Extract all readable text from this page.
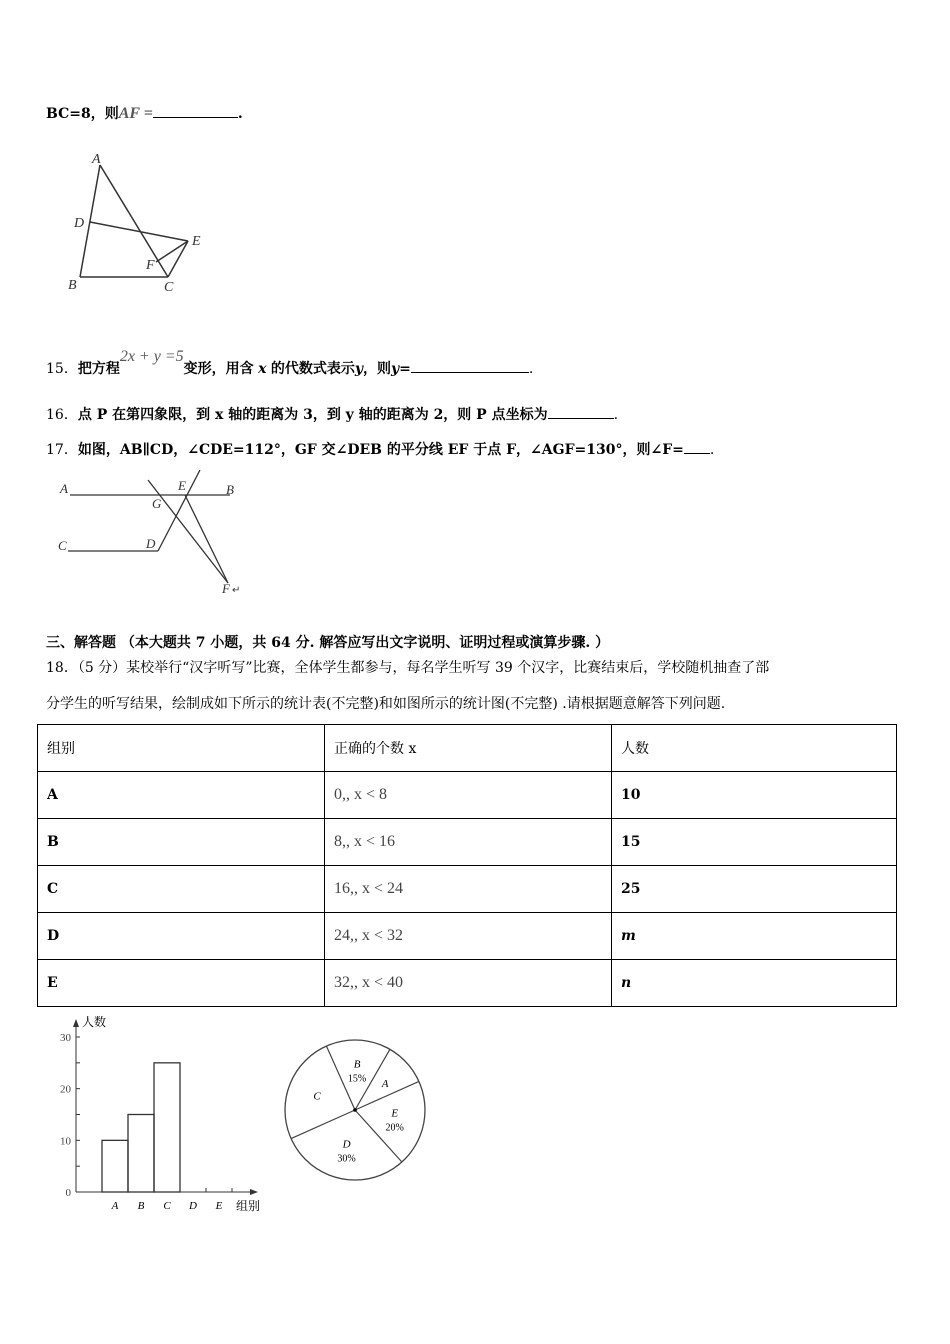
BC=8，则AF =	.
A
D
E
F
B	C
15．把方程2x + y =5变形，用含 x 的代数式表示y，则y=	.
16．点 P 在第四象限，到 x 轴的距离为 3，到 y 轴的距离为 2，则 P 点坐标为	.
17．如图，AB∥CD，∠CDE=112°，GF 交∠DEB 的平分线 EF 于点 F，∠AGF=130°，则∠F= .
A	E	B
G
C	D
F ↵
三、解答题 （本大题共 7 小题，共 64 分. 解答应写出文字说明、证明过程或演算步骤. ）
18．（5 分）某校举行“汉字听写”比赛，全体学生都参与，每名学生听写 39 个汉字，比赛结束后，学校随机抽查了部
分学生的听写结果，绘制成如下所示的统计表(不完整)和如图所示的统计图(不完整) .请根据题意解答下列问题.
组别	正确的个数 x	人数
A	0,, x < 8	10
B	8,, x < 16	15
C	16,, x < 24	25
D	24,, x < 32	m
E	32,, x < 40	n
人数
组别
0
10
20
30
A B C D E
B
15% A
E
20%
D
30%
C
